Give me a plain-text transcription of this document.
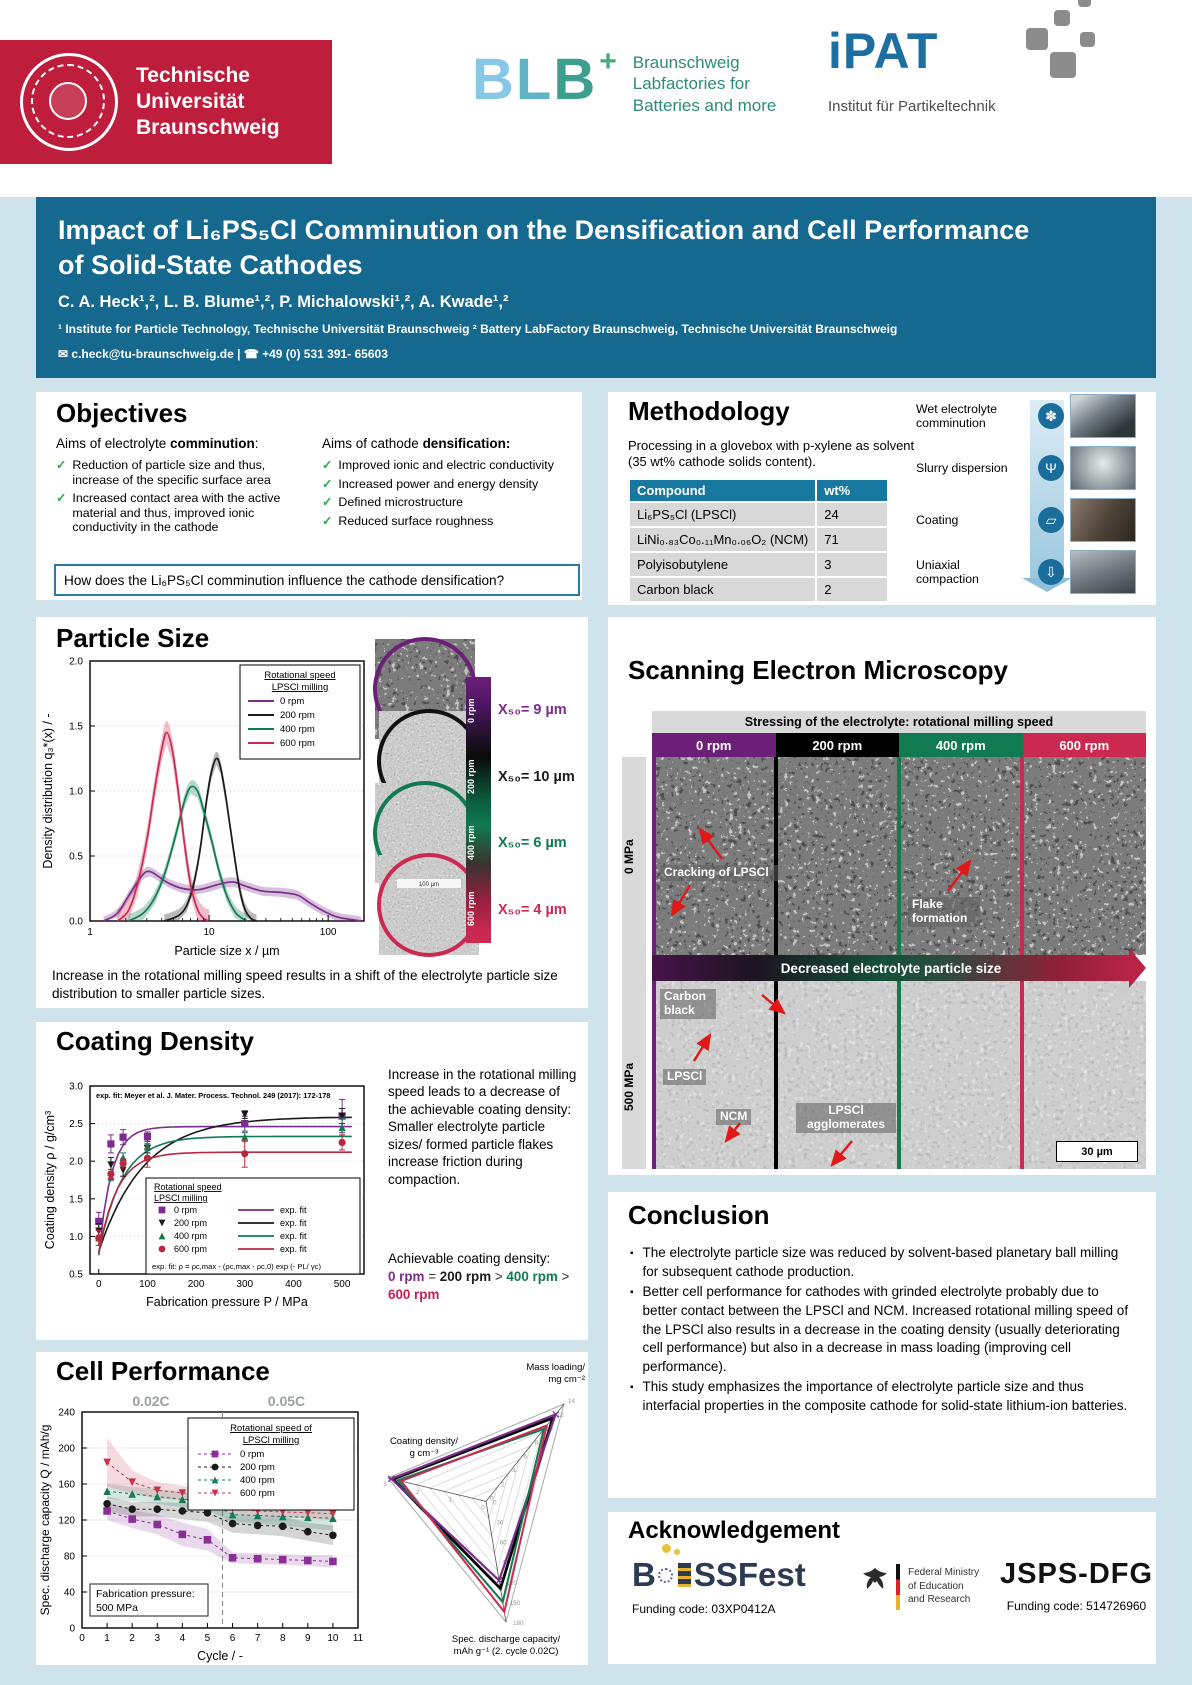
Technische
Universität
Braunschweig
BLB+ Braunschweig
Labfactories for
Batteries and more
iPAT
Institut für Partikeltechnik
Impact of Li₆PS₅Cl Comminution on the Densification and Cell Performance
of Solid-State Cathodes
C. A. Heck¹,², L. B. Blume¹,², P. Michalowski¹,², A. Kwade¹,²
¹ Institute for Particle Technology, Technische Universität Braunschweig ² Battery LabFactory Braunschweig, Technische Universität Braunschweig
✉ c.heck@tu-braunschweig.de | ☎ +49 (0) 531 391- 65603
Objectives
Aims of electrolyte comminution:
✓ Reduction of particle size and thus, increase of the specific surface area
✓ Increased contact area with the active material and thus, improved ionic conductivity in the cathode
Aims of cathode densification:
✓ Improved ionic and electric conductivity
✓ Increased power and energy density
✓ Defined microstructure
✓ Reduced surface roughness
How does the Li₆PS₅Cl comminution influence the cathode densification?
Methodology
Processing in a glovebox with p-xylene as solvent (35 wt% cathode solids content).
Compound	wt%
Li₆PS₅Cl (LPSCl)	24
LiNi₀.₈₃Co₀.₁₁Mn₀.₀₆O₂ (NCM)	71
Polyisobutylene	3
Carbon black	2
Wet electrolyte comminution	✽
Slurry dispersion	Ψ
Coating	▱
Uniaxial compaction	⇩
Particle Size
0.0
0.5
1.0
1.5
2.0
1	10	100
Particle size x / µm
Density distribution q₃*(x) / -
Rotational speed
LPSCl milling
0 rpm
200 rpm
400 rpm
600 rpm
100 µm
0 rpm
200 rpm
400 rpm
600 rpm
X₅₀= 9 µm
X₅₀= 10 µm
X₅₀= 6 µm
X₅₀= 4 µm
Increase in the rotational milling speed results in a shift of the electrolyte particle size distribution to smaller particle sizes.
Scanning Electron Microscopy
Stressing of the electrolyte: rotational milling speed
0 rpm	200 rpm	400 rpm	600 rpm
0 MPa
500 MPa
Decreased electrolyte particle size
Cracking of LPSCl
Flake formation
Carbon black
LPSCl
NCM	LPSCl agglomerates
30 µm
Coating Density
exp. fit: Meyer et al. J. Mater. Process. Technol. 249 (2017): 172-178
0.5
1.0
1.5
2.0
2.5
3.0
0	100	200	300	400	500
Fabrication pressure P / MPa
Coating density ρ / g/cm³	Rotational speed
LPSCl milling
0 rpm	exp. fit
200 rpm	exp. fit
400 rpm	exp. fit
600 rpm	exp. fit
exp. fit: ρ = ρc,max - (ρc,max - ρc,0) exp (- PL/ γc)
Increase in the rotational milling speed leads to a decrease of the achievable coating density: Smaller electrolyte particle sizes/ formed particle flakes increase friction during compaction.
Achievable coating density:
0 rpm = 200 rpm > 400 rpm > 600 rpm
Conclusion
▪ The electrolyte particle size was reduced by solvent-based planetary ball milling for subsequent cathode production.
▪ Better cell performance for cathodes with grinded electrolyte probably due to better contact between the LPSCl and NCM. Increased rotational milling speed of the LPSCl also results in a decrease in the coating density (usually deteriorating cell performance) but also in a decrease in mass loading (improving cell performance).
▪ This study emphasizes the importance of electrolyte particle size and thus interfacial properties in the composite cathode for solid-state lithium-ion batteries.
Cell Performance
0.02C	0.05C
0
40
80
120
160
200
240
0 1 2 3 4 5 6 7 8 9 10 11
Cycle / -
Spec. discharge capacity Q / mAh/g	Rotational speed of
LPSCl milling
0 rpm
200 rpm
400 rpm
600 rpm
Fabrication pressure:
500 MPa
0
2
4
6
8
10
12
14
0
1
2
3
0
30
60
90
120
150
180
Mass loading/
mg cm⁻²
Coating density/
g cm⁻³
Spec. discharge capacity/
mAh g⁻¹ (2. cycle 0.02C)
Acknowledgement
B SSFest
Funding code: 03XP0412A
Federal Ministry
of Education
and Research
JSPS-DFG
Funding code: 514726960
